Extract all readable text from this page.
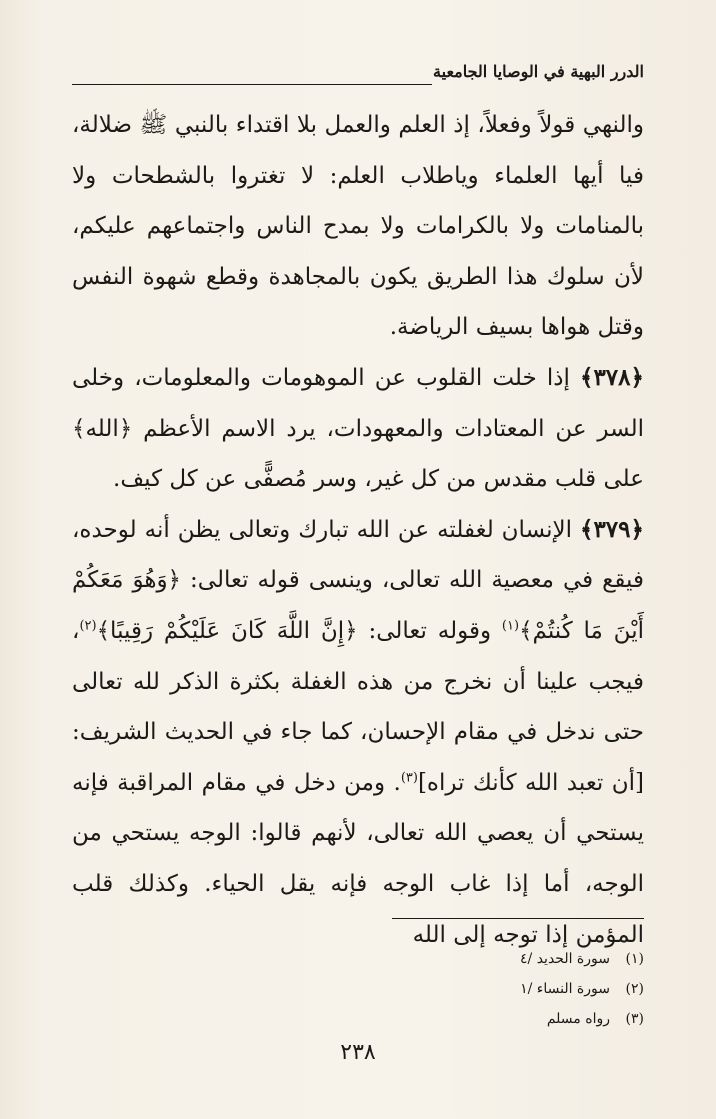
الدرر البهية في الوصايا الجامعية

والنهي قولاً وفعلاً، إذ العلم والعمل بلا اقتداء بالنبي ﷺ ضلالة، فيا أيها العلماء وياطلاب العلم: لا تغتروا بالشطحات ولا بالمنامات ولا بالكرامات ولا بمدح الناس واجتماعهم عليكم، لأن سلوك هذا الطريق يكون بالمجاهدة وقطع شهوة النفس وقتل هواها بسيف الرياضة.

﴿٣٧٨﴾ إذا خلت القلوب عن الموهومات والمعلومات، وخلى السر عن المعتادات والمعهودات، يرد الاسم الأعظم ﴿الله﴾ على قلب مقدس من كل غير، وسر مُصفًّى عن كل كيف.

﴿٣٧٩﴾ الإنسان لغفلته عن الله تبارك وتعالى يظن أنه لوحده، فيقع في معصية الله تعالى، وينسى قوله تعالى: ﴿وَهُوَ مَعَكُمْ أَيْنَ مَا كُنتُمْ﴾$^{(١)}$ وقوله تعالى: ﴿إِنَّ اللَّهَ كَانَ عَلَيْكُمْ رَقِيبًا﴾$^{(٢)}$، فيجب علينا أن نخرج من هذه الغفلة بكثرة الذكر لله تعالى حتى ندخل في مقام الإحسان، كما جاء في الحديث الشريف: [أن تعبد الله كأنك تراه]$^{(٣)}$. ومن دخل في مقام المراقبة فإنه يستحي أن يعصي الله تعالى، لأنهم قالوا: الوجه يستحي من الوجه، أما إذا غاب الوجه فإنه يقل الحياء. وكذلك قلب المؤمن إذا توجه إلى الله

(١)
سورة الحديد /٤
(٢)
سورة النساء /١
(٣)
رواه مسلم
٢٣٨
